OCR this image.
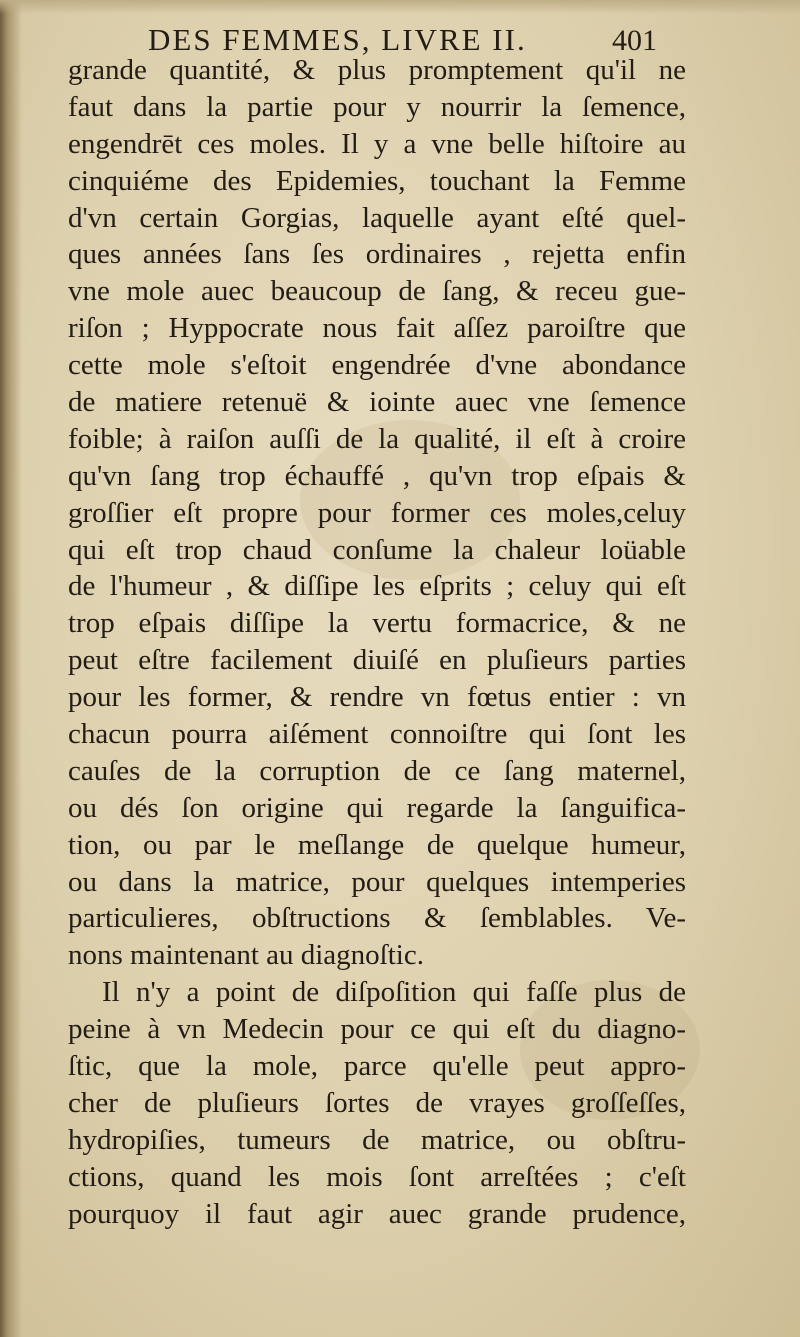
DES FEMMES, LIVRE II.	401
grande quantité, & plus promptement qu'il ne
faut dans la partie pour y nourrir la ſemence,
engendrēt ces moles. Il y a vne belle hiſtoire au
cinquiéme des Epidemies, touchant la Femme
d'vn certain Gorgias, laquelle ayant eſté quel-
ques années ſans ſes ordinaires , rejetta enfin
vne mole auec beaucoup de ſang, & receu gue-
riſon ; Hyppocrate nous fait aſſez paroiſtre que
cette mole s'eſtoit engendrée d'vne abondance
de matiere retenuë & iointe auec vne ſemence
foible; à raiſon auſſi de la qualité, il eſt à croire
qu'vn ſang trop échauffé , qu'vn trop eſpais &
groſſier eſt propre pour former ces moles,celuy
qui eſt trop chaud conſume la chaleur loüable
de l'humeur , & diſſipe les eſprits ; celuy qui eſt
trop eſpais diſſipe la vertu formacrice, & ne
peut eſtre facilement diuiſé en pluſieurs parties
pour les former, & rendre vn fœtus entier : vn
chacun pourra aiſément connoiſtre qui ſont les
cauſes de la corruption de ce ſang maternel,
ou dés ſon origine qui regarde la ſanguifica-
tion, ou par le meſlange de quelque humeur,
ou dans la matrice, pour quelques intemperies
particulieres, obſtructions & ſemblables. Ve-
nons maintenant au diagnoſtic.
Il n'y a point de diſpoſition qui faſſe plus de
peine à vn Medecin pour ce qui eſt du diagno-
ſtic, que la mole, parce qu'elle peut appro-
cher de pluſieurs ſortes de vrayes groſſeſſes,
hydropiſies, tumeurs de matrice, ou obſtru-
ctions, quand les mois ſont arreſtées ; c'eſt
pourquoy il faut agir auec grande prudence,
